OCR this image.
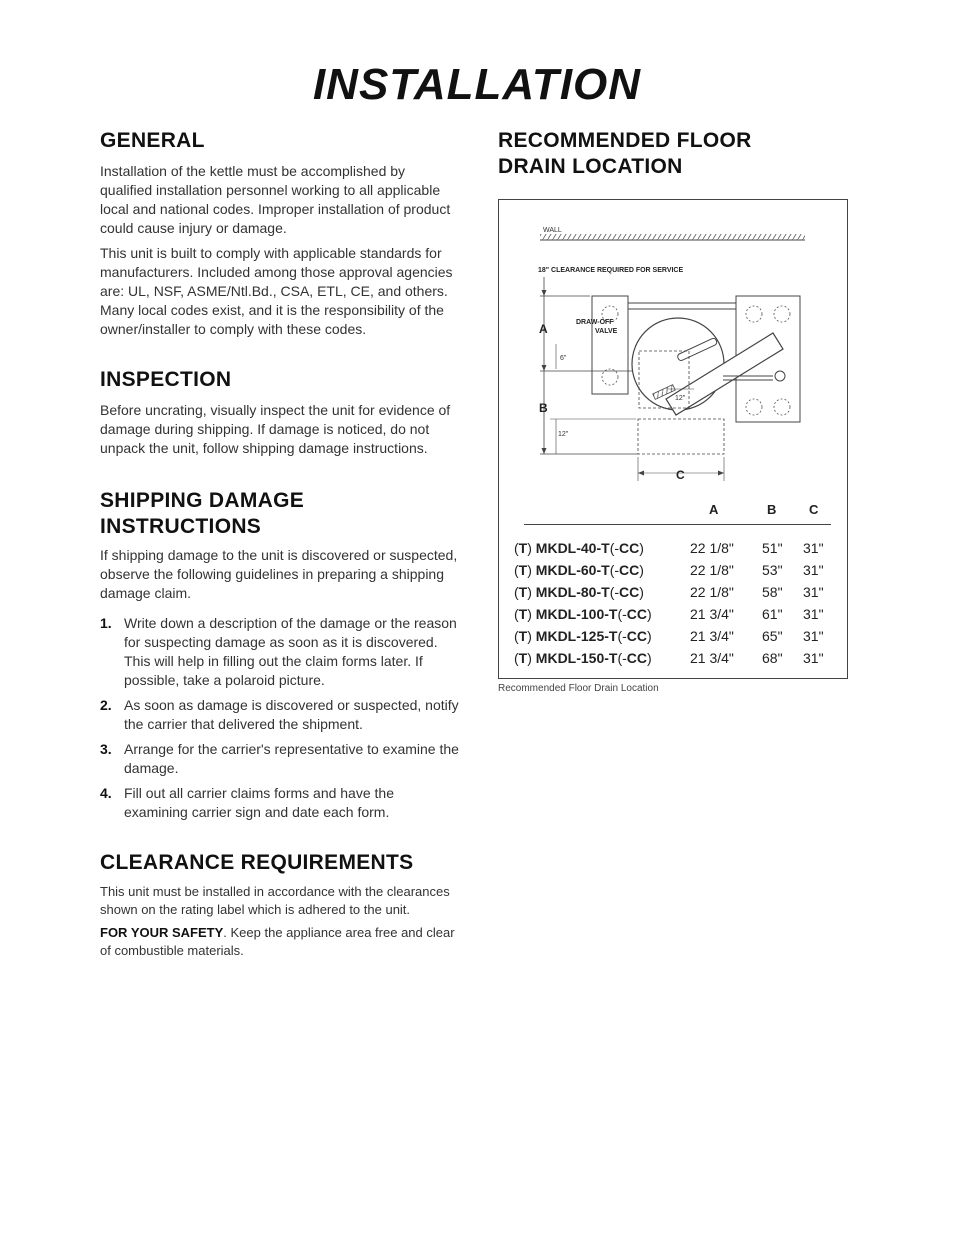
INSTALLATION
GENERAL

Installation of the kettle must be accomplished by qualified installation personnel working to all applicable local and national codes. Improper installation of product could cause injury or damage.

This unit is built to comply with applicable standards for manufacturers. Included among those approval agencies are: UL, NSF, ASME/Ntl.Bd., CSA, ETL, CE, and others. Many local codes exist, and it is the responsibility of the owner/installer to comply with these codes.

INSPECTION

Before uncrating, visually inspect the unit for evidence of damage during shipping. If damage is noticed, do not unpack the unit, follow shipping damage instructions.

SHIPPING DAMAGE
INSTRUCTIONS

If shipping damage to the unit is discovered or suspected, observe the following guidelines in preparing a shipping damage claim.

1. Write down a description of the damage or the reason for suspecting damage as soon as it is discovered. This will help in filling out the claim forms later. If possible, take a polaroid picture.
2. As soon as damage is discovered or suspected, notify the carrier that delivered the shipment.
3. Arrange for the carrier's representative to examine the damage.
4. Fill out all carrier claims forms and have the examining carrier sign and date each form.
CLEARANCE REQUIREMENTS

This unit must be installed in accordance with the clearances shown on the rating label which is adhered to the unit.

FOR YOUR SAFETY. Keep the appliance area free and clear of combustible materials.

RECOMMENDED FLOOR
DRAIN LOCATION
WALL
18" CLEARANCE REQUIRED FOR SERVICE
A
B
6"
12"
DRAW-OFF
VALVE
12"
C
A	B	C
(T) MKDL-40-T(-CC)	22 1/8" 51" 31"
(T) MKDL-60-T(-CC)	22 1/8" 53" 31"
(T) MKDL-80-T(-CC)	22 1/8" 58" 31"
(T) MKDL-100-T(-CC)	21 3/4" 61" 31"
(T) MKDL-125-T(-CC)	21 3/4" 65" 31"
(T) MKDL-150-T(-CC)	21 3/4" 68" 31"
Recommended Floor Drain Location
